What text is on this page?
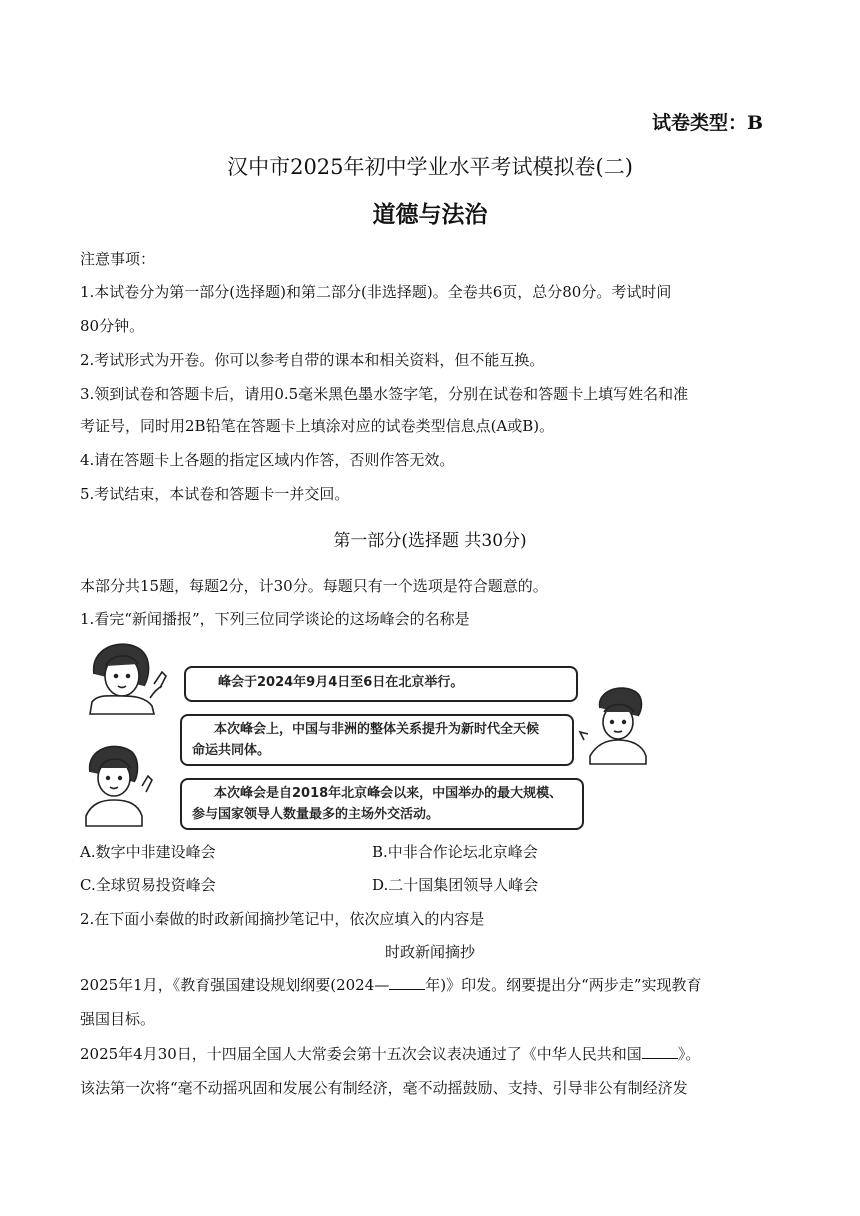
试卷类型：B
汉中市2025年初中学业水平考试模拟卷(二)
道德与法治
注意事项：
1.本试卷分为第一部分(选择题)和第二部分(非选择题)。全卷共6页，总分80分。考试时间
80分钟。
2.考试形式为开卷。你可以参考自带的课本和相关资料，但不能互换。
3.领到试卷和答题卡后，请用0.5毫米黑色墨水签字笔，分别在试卷和答题卡上填写姓名和准
考证号，同时用2B铅笔在答题卡上填涂对应的试卷类型信息点(A或B)。
4.请在答题卡上各题的指定区域内作答，否则作答无效。
5.考试结束，本试卷和答题卡一并交回。
第一部分(选择题 共30分)
本部分共15题，每题2分，计30分。每题只有一个选项是符合题意的。
1.看完“新闻播报”，下列三位同学谈论的这场峰会的名称是
峰会于2024年9月4日至6日在北京举行。
本次峰会上，中国与非洲的整体关系提升为新时代全天候
命运共同体。
本次峰会是自2018年北京峰会以来，中国举办的最大规模、
参与国家领导人数量最多的主场外交活动。
A.数字中非建设峰会	B.中非合作论坛北京峰会
C.全球贸易投资峰会	D.二十国集团领导人峰会
2.在下面小秦做的时政新闻摘抄笔记中，依次应填入的内容是
时政新闻摘抄
2025年1月，《教育强国建设规划纲要(2024— 年)》印发。纲要提出分“两步走”实现教育
强国目标。
2025年4月30日，十四届全国人大常委会第十五次会议表决通过了《中华人民共和国 》。
该法第一次将“毫不动摇巩固和发展公有制经济，毫不动摇鼓励、支持、引导非公有制经济发
